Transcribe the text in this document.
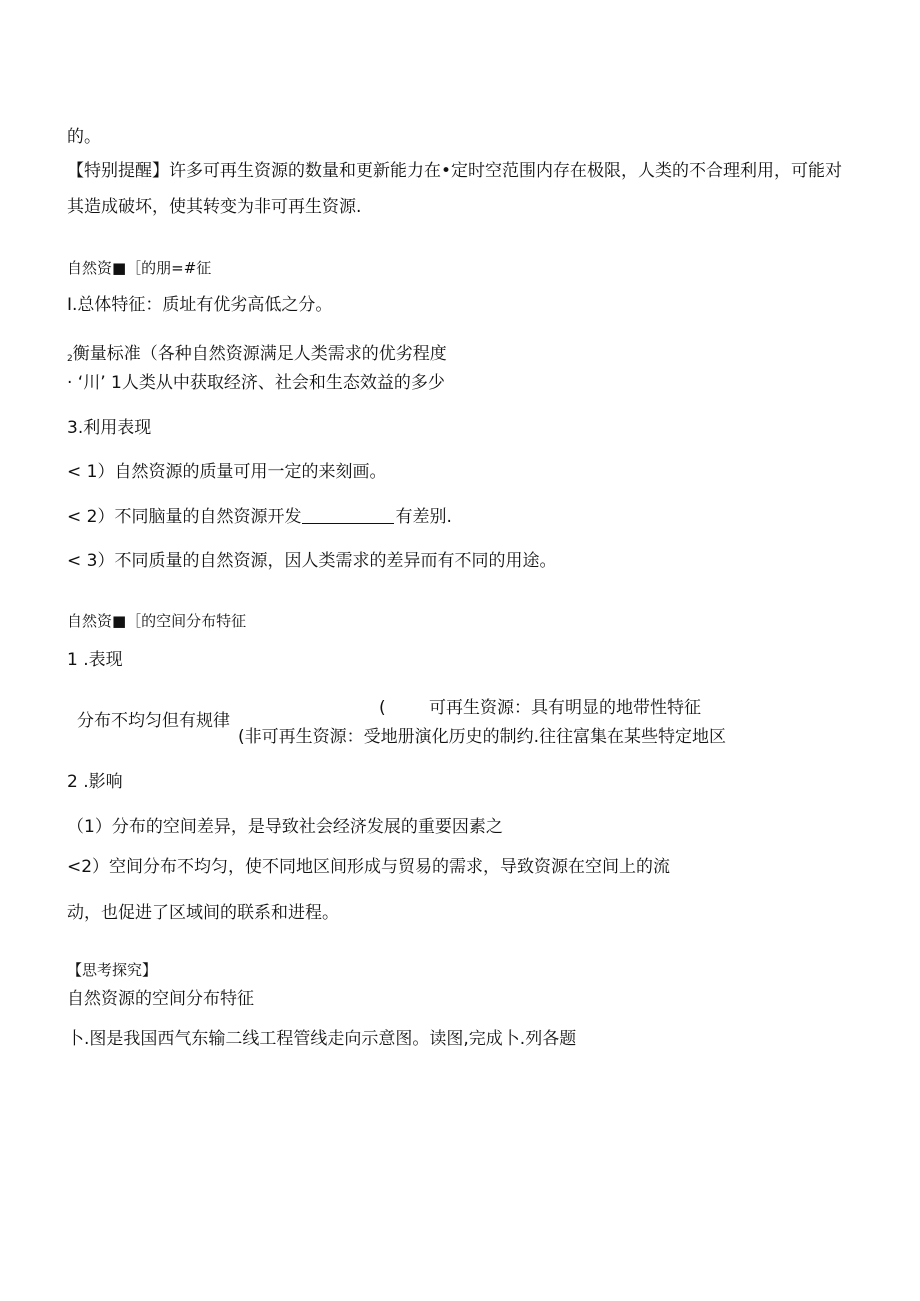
的。
【特别提醒】许多可再生资源的数量和更新能力在•定时空范围内存在极限，人类的不合理利用，可能对
其造成破坏，使其转变为非可再生资源.
自然资■［的朋=#征
I.总体特征：质址有优劣高低之分。
$_2$衡量标准（各种自然资源满足人类需求的优劣程度
· ‘川’ 1人类从中获取经济、社会和生态效益的多少
3.利用表现
< 1）自然资源的质量可用一定的来刻画。
< 2）不同脑量的自然资源开发	有差别.
< 3）不同质量的自然资源，因人类需求的差异而有不同的用途。
自然资■［的空间分布特征
1 .表现
分布不均匀但有规律
(	可再生资源：具有明显的地带性特征
(非可再生资源：受地册演化历史的制约.往往富集在某些特定地区
2 .影响
（1）分布的空间差异，是导致社会经济发展的重要因素之
<2）空间分布不均匀，使不同地区间形成与贸易的需求，导致资源在空间上的流
动，也促进了区域间的联系和进程。
【思考探究】
自然资源的空间分布特征
卜.图是我国西气东输二线工程管线走向示意图。读图,完成卜.列各题
